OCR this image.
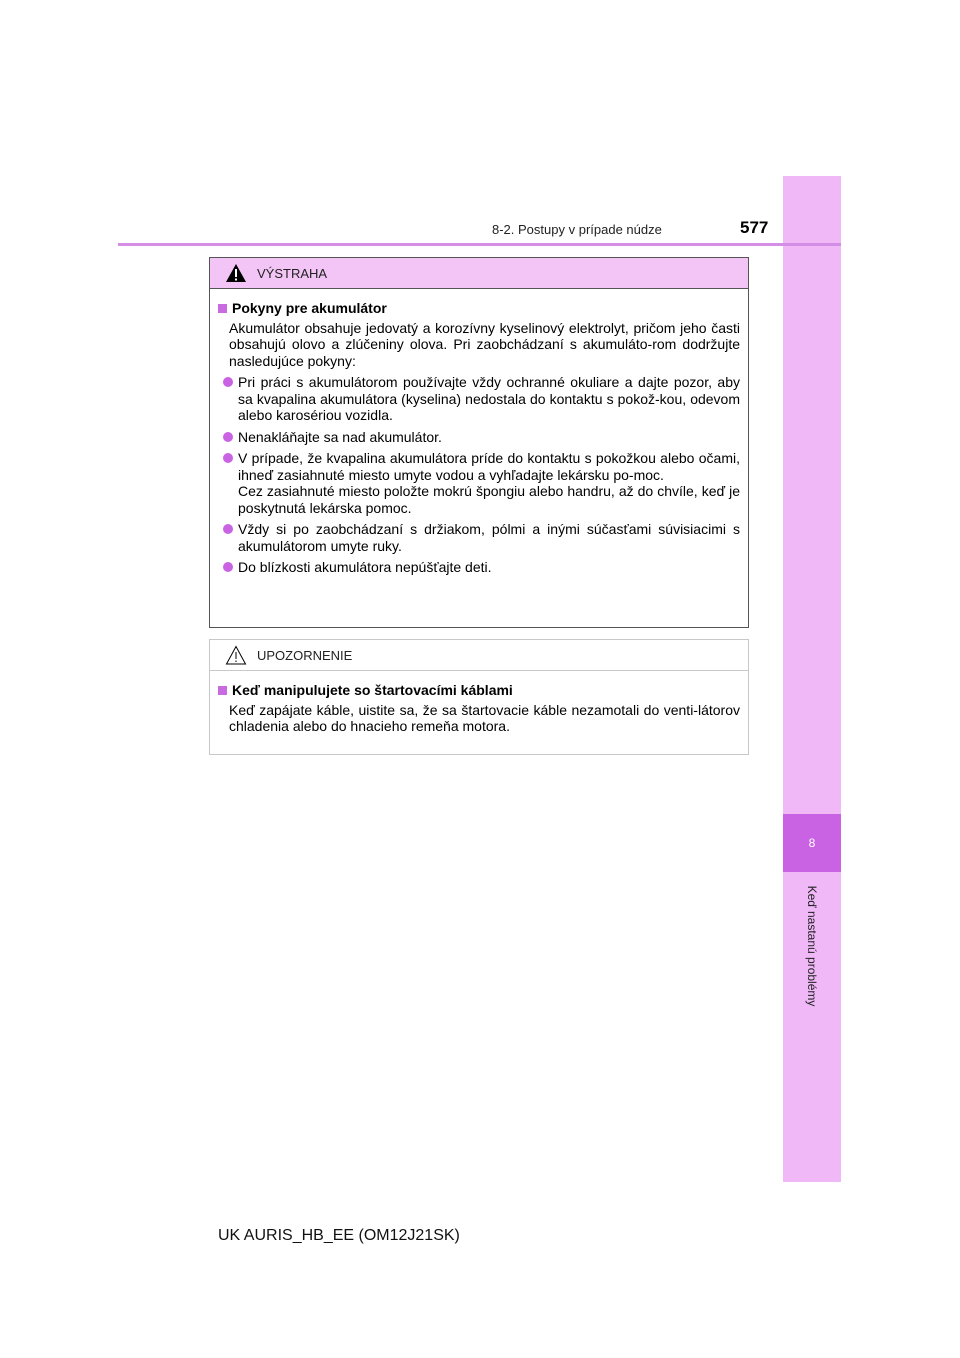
8
Keď nastanú problémy
8-2. Postupy v prípade núdze	577
VÝSTRAHA
Pokyny pre akumulátor
Akumulátor obsahuje jedovatý a korozívny kyselinový elektrolyt, pričom jeho časti obsahujú olovo a zlúčeniny olova. Pri zaobchádzaní s akumuláto-rom dodržujte nasledujúce pokyny:
Pri práci s akumulátorom používajte vždy ochranné okuliare a dajte pozor, aby sa kvapalina akumulátora (kyselina) nedostala do kontaktu s pokož-kou, odevom alebo karosériou vozidla.
Nenakláňajte sa nad akumulátor.
V prípade, že kvapalina akumulátora príde do kontaktu s pokožkou alebo očami, ihneď zasiahnuté miesto umyte vodou a vyhľadajte lekársku po-moc.
Cez zasiahnuté miesto položte mokrú špongiu alebo handru, až do chvíle, keď je poskytnutá lekárska pomoc.
Vždy si po zaobchádzaní s držiakom, pólmi a inými súčasťami súvisiacimi s akumulátorom umyte ruky.
Do blízkosti akumulátora nepúšťajte deti.
UPOZORNENIE
Keď manipulujete so štartovacími káblami
Keď zapájate káble, uistite sa, že sa štartovacie káble nezamotali do venti-látorov chladenia alebo do hnacieho remeňa motora.
UK AURIS_HB_EE (OM12J21SK)
